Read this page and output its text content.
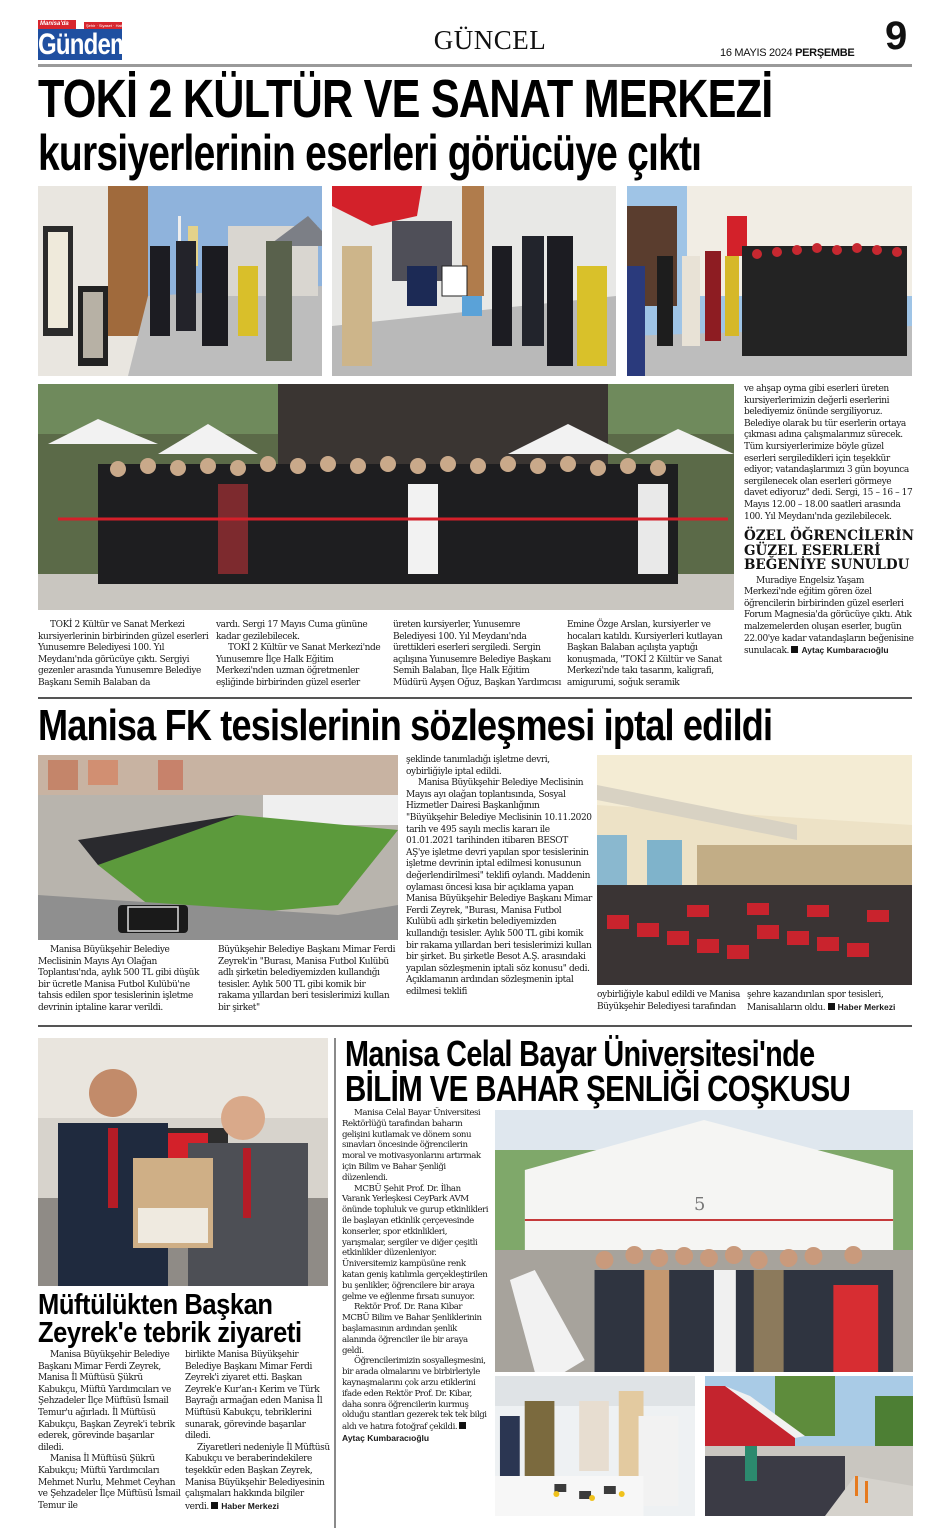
Manisa'da	Şehir · Siyaset · Haber · Yorum
Gündem	GÜNCEL	16 MAYIS 2024 PERŞEMBE 9
TOKİ 2 KÜLTÜR VE SANAT MERKEZİ
kursiyerlerinin eserleri görücüye çıktı

TOKİ 2 Kültür ve Sanat Merkezi kursiyerlerinin birbirinden güzel eserleri Yunusemre Belediyesi 100. Yıl Meydanı'nda görücüye çıktı. Sergiyi gezenler arasında Yunusemre Belediye Başkanı Semih Balaban da

vardı. Sergi 17 Mayıs Cuma gününe kadar gezilebilecek.

TOKİ 2 Kültür ve Sanat Merkezi'nde Yunusemre İlçe Halk Eğitim Merkezi'nden uzman öğretmenler eşliğinde birbirinden güzel eserler

üreten kursiyerler, Yunusemre Belediyesi 100. Yıl Meydanı'nda ürettikleri eserleri sergiledi. Sergin açılışına Yunusemre Belediye Başkanı Semih Balaban, İlçe Halk Eğitim Müdürü Ayşen Oğuz, Başkan Yardımcısı

Emine Özge Arslan, kursiyerler ve hocaları katıldı. Kursiyerleri kutlayan Başkan Balaban açılışta yaptığı konuşmada, "TOKİ 2 Kültür ve Sanat Merkezi'nde takı tasarım, kaligrafi, amigurumi, soğuk seramik

ve ahşap oyma gibi eserleri üreten kursiyerlerimizin değerli eserlerini belediyemiz önünde sergiliyoruz. Belediye olarak bu tür eserlerin ortaya çıkması adına çalışmalarımız sürecek. Tüm kursiyerlerimize böyle güzel eserleri sergiledikleri için teşekkür ediyor; vatandaşlarımızı 3 gün boyunca sergilenecek olan eserleri görmeye davet ediyoruz" dedi. Sergi, 15 – 16 – 17 Mayıs 12.00 – 18.00 saatleri arasında 100. Yıl Meydanı'nda gezilebilecek.

ÖZEL ÖĞRENCİLERİN GÜZEL ESERLERİ BEĞENİYE SUNULDU

Muradiye Engelsiz Yaşam Merkezi'nde eğitim gören özel öğrencilerin birbirinden güzel eserleri Forum Magnesia'da görücüye çıktı. Atık malzemelerden oluşan eserler, bugün 22.00'ye kadar vatandaşların beğenisine sunulacak. Aytaç Kumbaracıoğlu

Manisa FK tesislerinin sözleşmesi iptal edildi

Manisa Büyükşehir Belediye Meclisinin Mayıs Ayı Olağan Toplantısı'nda, aylık 500 TL gibi düşük bir ücretle Manisa Futbol Kulübü'ne tahsis edilen spor tesislerinin işletme devrinin iptaline karar verildi.

Büyükşehir Belediye Başkanı Mimar Ferdi Zeyrek'in "Burası, Manisa Futbol Kulübü adlı şirketin belediyemizden kullandığı tesisler. Aylık 500 TL gibi komik bir rakama yıllardan beri tesislerimizi kullan bir şirket"

şeklinde tanımladığı işletme devri, oybirliğiyle iptal edildi.

Manisa Büyükşehir Belediye Meclisinin Mayıs ayı olağan toplantısında, Sosyal Hizmetler Dairesi Başkanlığının "Büyükşehir Belediye Meclisinin 10.11.2020 tarih ve 495 sayılı meclis kararı ile 01.01.2021 tarihinden itibaren BESOT AŞ'ye işletme devri yapılan spor tesislerinin işletme devrinin iptal edilmesi konusunun değerlendirilmesi" teklifi oylandı. Maddenin oylaması öncesi kısa bir açıklama yapan Manisa Büyükşehir Belediye Başkanı Mimar Ferdi Zeyrek, "Burası, Manisa Futbol Kulübü adlı şirketin belediyemizden kullandığı tesisler. Aylık 500 TL gibi komik bir rakama yıllardan beri tesislerimizi kullan bir şirket. Bu şirketle Besot A.Ş. arasındaki yapılan sözleşmenin iptali söz konusu" dedi. Açıklamanın ardından sözleşmenin iptal edilmesi teklifi	oybirliğiyle kabul edildi ve Manisa Büyükşehir Belediyesi tarafından

şehre kazandırılan spor tesisleri, Manisalıların oldu. Haber Merkezi

Müftülükten Başkan
Zeyrek'e tebrik ziyareti

Manisa Büyükşehir Belediye Başkanı Mimar Ferdi Zeyrek, Manisa İl Müftüsü Şükrü Kabukçu, Müftü Yardımcıları ve Şehzadeler İlçe Müftüsü İsmail Temur'u ağırladı. İl Müftüsü Kabukçu, Başkan Zeyrek'i tebrik ederek, görevinde başarılar diledi.

Manisa İl Müftüsü Şükrü Kabukçu; Müftü Yardımcıları Mehmet Nurlu, Mehmet Ceyhan ve Şehzadeler İlçe Müftüsü İsmail Temur ile

birlikte Manisa Büyükşehir Belediye Başkanı Mimar Ferdi Zeyrek'i ziyaret etti. Başkan Zeyrek'e Kur'an-ı Kerim ve Türk Bayrağı armağan eden Manisa İl Müftüsü Kabukçu, tebriklerini sunarak, görevinde başarılar diledi.

Ziyaretleri nedeniyle İl Müftüsü Kabukçu ve beraberindekilere teşekkür eden Başkan Zeyrek, Manisa Büyükşehir Belediyesinin çalışmaları hakkında bilgiler verdi. Haber Merkezi

Manisa Celal Bayar Üniversitesi'nde
BİLİM VE BAHAR ŞENLİĞİ COŞKUSU

Manisa Celal Bayar Üniversitesi Rektörlüğü tarafından baharın gelişini kutlamak ve dönem sonu sınavları öncesinde öğrencilerin moral ve motivasyonlarını artırmak için Bilim ve Bahar Şenliği düzenlendi.

MCBÜ Şehit Prof. Dr. İlhan Varank Yerleşkesi CeyPark AVM önünde topluluk ve gurup etkinlikleri ile başlayan etkinlik çerçevesinde konserler, spor etkinlikleri, yarışmalar, sergiler ve diğer çeşitli etkinlikler düzenleniyor. Üniversitemiz kampüsüne renk katan geniş katılımla gerçekleştirilen bu şenlikler, öğrencilere bir araya gelme ve eğlenme fırsatı sunuyor.

Rektör Prof. Dr. Rana Kibar MCBÜ Bilim ve Bahar Şenliklerinin başlamasının ardından şenlik alanında öğrenciler ile bir araya geldi.

Öğrencilerimizin sosyalleşmesini, bir arada olmalarını ve birbirleriyle kaynaşmalarını çok arzu etiklerini ifade eden Rektör Prof. Dr. Kibar, daha sonra öğrencilerin kurmuş olduğu stantları gezerek tek tek bilgi aldı ve hatıra fotoğraf çekildi. Aytaç Kumbaracıoğlu

5
